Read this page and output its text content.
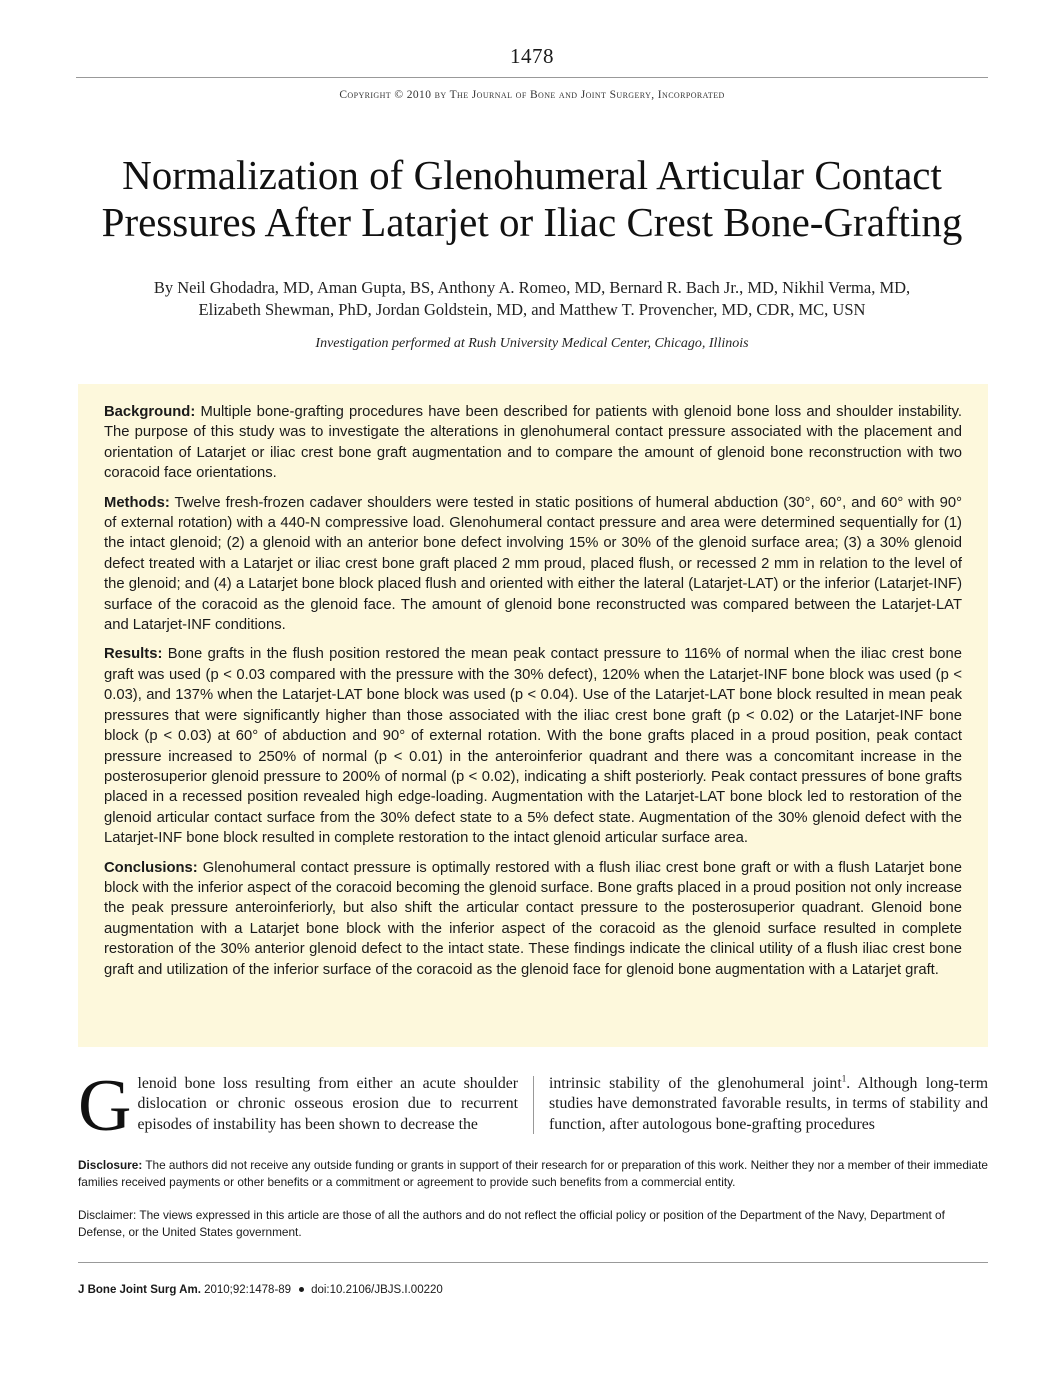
1478
Copyright © 2010 by The Journal of Bone and Joint Surgery, Incorporated
Normalization of Glenohumeral Articular Contact Pressures After Latarjet or Iliac Crest Bone-Grafting
By Neil Ghodadra, MD, Aman Gupta, BS, Anthony A. Romeo, MD, Bernard R. Bach Jr., MD, Nikhil Verma, MD,
Elizabeth Shewman, PhD, Jordan Goldstein, MD, and Matthew T. Provencher, MD, CDR, MC, USN
Investigation performed at Rush University Medical Center, Chicago, Illinois

Background: Multiple bone-grafting procedures have been described for patients with glenoid bone loss and shoulder instability. The purpose of this study was to investigate the alterations in glenohumeral contact pressure associated with the placement and orientation of Latarjet or iliac crest bone graft augmentation and to compare the amount of glenoid bone reconstruction with two coracoid face orientations.

Methods: Twelve fresh-frozen cadaver shoulders were tested in static positions of humeral abduction (30°, 60°, and 60° with 90° of external rotation) with a 440-N compressive load. Glenohumeral contact pressure and area were determined sequentially for (1) the intact glenoid; (2) a glenoid with an anterior bone defect involving 15% or 30% of the glenoid surface area; (3) a 30% glenoid defect treated with a Latarjet or iliac crest bone graft placed 2 mm proud, placed flush, or recessed 2 mm in relation to the level of the glenoid; and (4) a Latarjet bone block placed flush and oriented with either the lateral (Latarjet-LAT) or the inferior (Latarjet-INF) surface of the coracoid as the glenoid face. The amount of glenoid bone reconstructed was compared between the Latarjet-LAT and Latarjet-INF conditions.

Results: Bone grafts in the flush position restored the mean peak contact pressure to 116% of normal when the iliac crest bone graft was used (p < 0.03 compared with the pressure with the 30% defect), 120% when the Latarjet-INF bone block was used (p < 0.03), and 137% when the Latarjet-LAT bone block was used (p < 0.04). Use of the Latarjet-LAT bone block resulted in mean peak pressures that were significantly higher than those associated with the iliac crest bone graft (p < 0.02) or the Latarjet-INF bone block (p < 0.03) at 60° of abduction and 90° of external rotation. With the bone grafts placed in a proud position, peak contact pressure increased to 250% of normal (p < 0.01) in the anteroinferior quadrant and there was a concomitant increase in the posterosuperior glenoid pressure to 200% of normal (p < 0.02), indicating a shift posteriorly. Peak contact pressures of bone grafts placed in a recessed position revealed high edge-loading. Augmentation with the Latarjet-LAT bone block led to restoration of the glenoid articular contact surface from the 30% defect state to a 5% defect state. Augmentation of the 30% glenoid defect with the Latarjet-INF bone block resulted in complete restoration to the intact glenoid articular surface area.

Conclusions: Glenohumeral contact pressure is optimally restored with a flush iliac crest bone graft or with a flush Latarjet bone block with the inferior aspect of the coracoid becoming the glenoid surface. Bone grafts placed in a proud position not only increase the peak pressure anteroinferiorly, but also shift the articular contact pressure to the posterosuperior quadrant. Glenoid bone augmentation with a Latarjet bone block with the inferior aspect of the coracoid as the glenoid surface resulted in complete restoration of the 30% anterior glenoid defect to the intact state. These findings indicate the clinical utility of a flush iliac crest bone graft and utilization of the inferior surface of the coracoid as the glenoid face for glenoid bone augmentation with a Latarjet graft.

Glenoid bone loss resulting from either an acute shoulder dislocation or chronic osseous erosion due to recurrent episodes of instability has been shown to decrease the
intrinsic stability of the glenohumeral joint$^1$. Although long-term studies have demonstrated favorable results, in terms of stability and function, after autologous bone-grafting procedures
Disclosure: The authors did not receive any outside funding or grants in support of their research for or preparation of this work. Neither they nor a member of their immediate families received payments or other benefits or a commitment or agreement to provide such benefits from a commercial entity.
Disclaimer: The views expressed in this article are those of all the authors and do not reflect the official policy or position of the Department of the Navy, Department of Defense, or the United States government.
J Bone Joint Surg Am. 2010;92:1478-89 doi:10.2106/JBJS.I.00220
